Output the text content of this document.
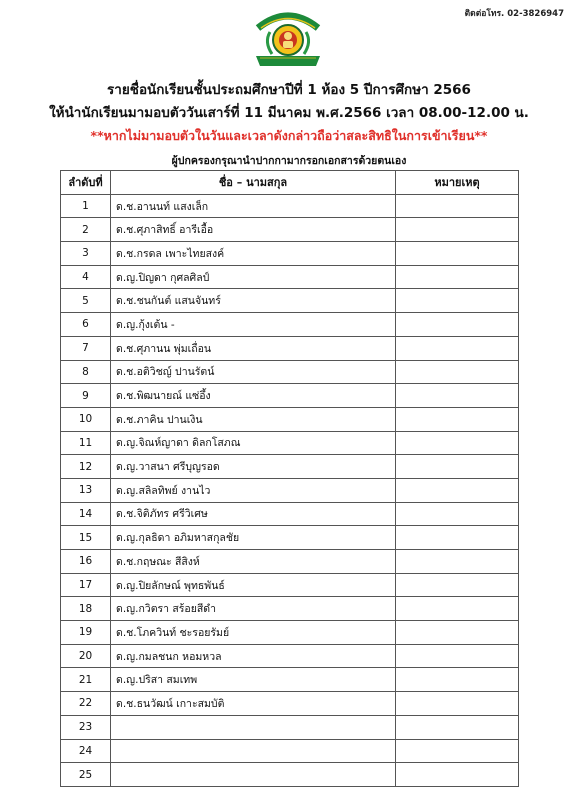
ติดต่อโทร. 02-3826947
รายชื่อนักเรียนชั้นประถมศึกษาปีที่ 1 ห้อง 5 ปีการศึกษา 2566
ให้นำนักเรียนมามอบตัววันเสาร์ที่ 11 มีนาคม พ.ศ.2566 เวลา 08.00-12.00 น.
**หากไม่มามอบตัวในวันและเวลาดังกล่าวถือว่าสละสิทธิในการเข้าเรียน**
ผู้ปกครองกรุณานำปากกามากรอกเอกสารด้วยตนเอง
ลำดับที่	ชื่อ – นามสกุล	หมายเหตุ
1	ด.ช.อานนท์ แสงเล็ก	
2	ด.ช.ศุภาสิทธิ์ อารีเอื้อ	
3	ด.ช.กรดล เพาะไทยสงค์	
4	ด.ญ.ปิญดา กุศลศิลป์	
5	ด.ช.ชนกันต์ แสนจันทร์	
6	ด.ญ.กุ้งเต้น -	
7	ด.ช.ศุภานน พุ่มเถื่อน	
8	ด.ช.อติวิชญ์ ปานรัตน์	
9	ด.ช.พิฒนายณ์ แซ่อึ้ง	
10	ด.ช.ภาคิน ปานเงิน	
11	ด.ญ.จิณห์ญาดา ดิลกโสภณ	
12	ด.ญ.วาสนา ศรีบุญรอด	
13	ด.ญ.สลิลทิพย์ งานไว	
14	ด.ช.จิติภัทร ศรีวิเศษ	
15	ด.ญ.กุลธิดา อภิมหาสกุลชัย	
16	ด.ช.กฤษณะ สีสิงห์	
17	ด.ญ.ปิยลักษณ์ พุทธพันธ์	
18	ด.ญ.กวิตรา สร้อยสีดำ	
19	ด.ช.โภควินท์ ชะรอยรัมย์	
20	ด.ญ.กมลชนก หอมหวล	
21	ด.ญ.ปริสา สมเทพ	
22	ด.ช.ธนวัฒน์ เกาะสมบัติ	
23		
24		
25		
